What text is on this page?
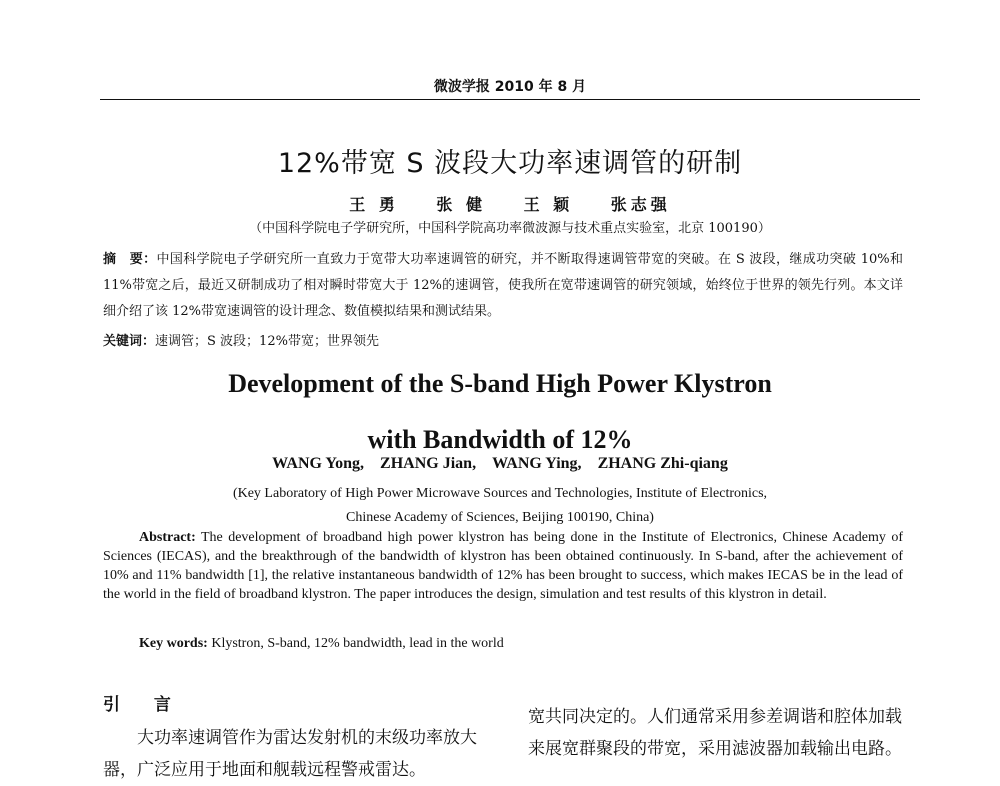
微波学报 2010 年 8 月
12%带宽 S 波段大功率速调管的研制
王 勇 张 健 王 颖 张志强
（中国科学院电子学研究所，中国科学院高功率微波源与技术重点实验室，北京 100190）
摘　要：中国科学院电子学研究所一直致力于宽带大功率速调管的研究，并不断取得速调管带宽的突破。在 S 波段，继成功突破 10%和 11%带宽之后，最近又研制成功了相对瞬时带宽大于 12%的速调管，使我所在宽带速调管的研究领域，始终位于世界的领先行列。本文详细介绍了该 12%带宽速调管的设计理念、数值模拟结果和测试结果。
关键词：速调管；S 波段；12%带宽；世界领先
Development of the S-band High Power Klystron
with Bandwidth of 12%
WANG Yong, ZHANG Jian, WANG Ying, ZHANG Zhi-qiang
(Key Laboratory of High Power Microwave Sources and Technologies, Institute of Electronics,
Chinese Academy of Sciences, Beijing 100190, China)
Abstract: The development of broadband high power klystron has being done in the Institute of Electronics, Chinese Academy of Sciences (IECAS), and the breakthrough of the bandwidth of klystron has been obtained continuously. In S-band, after the achievement of 10% and 11% bandwidth [1], the relative instantaneous bandwidth of 12% has been brought to success, which makes IECAS be in the lead of the world in the field of broadband klystron. The paper introduces the design, simulation and test results of this klystron in detail.
Key words: Klystron, S-band, 12% bandwidth, lead in the world
引 言
大功率速调管作为雷达发射机的末级功率放大器，广泛应用于地面和舰载远程警戒雷达。
宽共同决定的。人们通常采用参差调谐和腔体加载来展宽群聚段的带宽，采用滤波器加载输出电路。
